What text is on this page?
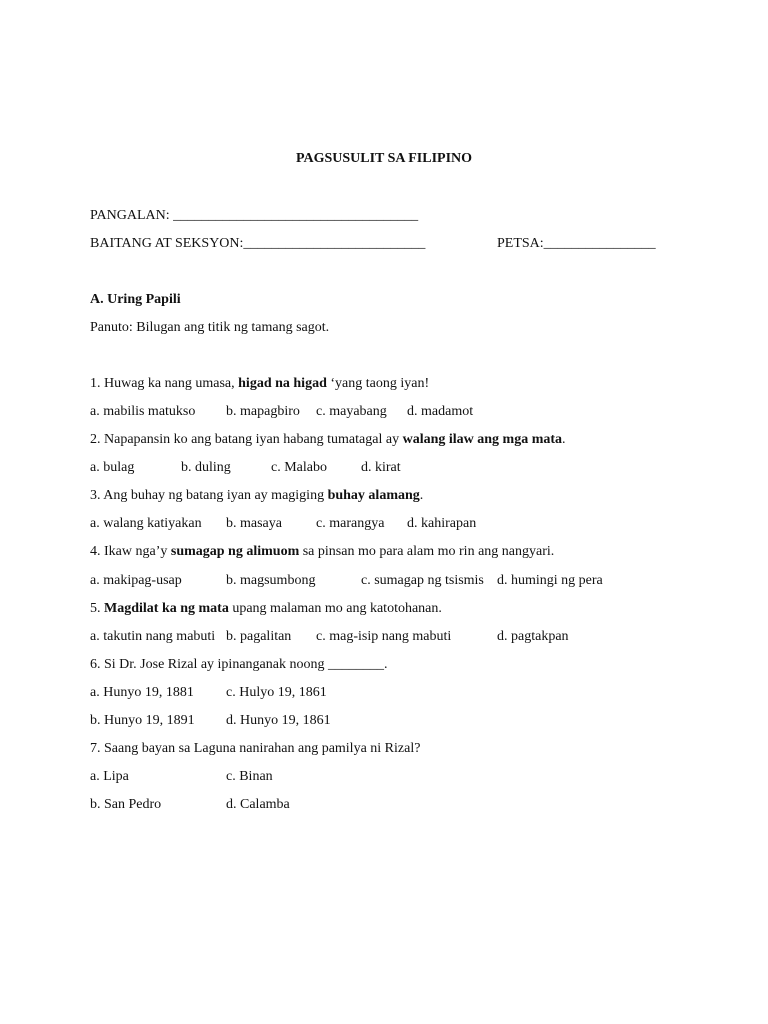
PAGSUSULIT SA FILIPINO
PANGALAN: ___________________________________
BAITANG AT SEKSYON:__________________________	PETSA:________________
A. Uring Papili
Panuto: Bilugan ang titik ng tamang sagot.
1. Huwag ka nang umasa, higad na higad ‘yang taong iyan!
a. mabilis matukso b. mapagbiro c. mayabang d. madamot
2. Napapansin ko ang batang iyan habang tumatagal ay walang ilaw ang mga mata.
a. bulag	b. duling	c. Malabo d. kirat
3. Ang buhay ng batang iyan ay magiging buhay alamang.
a. walang katiyakan b. masaya c. marangya d. kahirapan
4. Ikaw nga’y sumagap ng alimuom sa pinsan mo para alam mo rin ang nangyari.
a. makipag-usap	b. magsumbong	c. sumagap ng tsismis d. humingi ng pera
5. Magdilat ka ng mata upang malaman mo ang katotohanan.
a. takutin nang mabuti b. pagalitan c. mag-isip nang mabuti	d. pagtakpan
6. Si Dr. Jose Rizal ay ipinanganak noong ________.
a. Hunyo 19, 1881 c. Hulyo 19, 1861
b. Hunyo 19, 1891 d. Hunyo 19, 1861
7. Saang bayan sa Laguna nanirahan ang pamilya ni Rizal?
a. Lipa	c. Binan
b. San Pedro	d. Calamba
